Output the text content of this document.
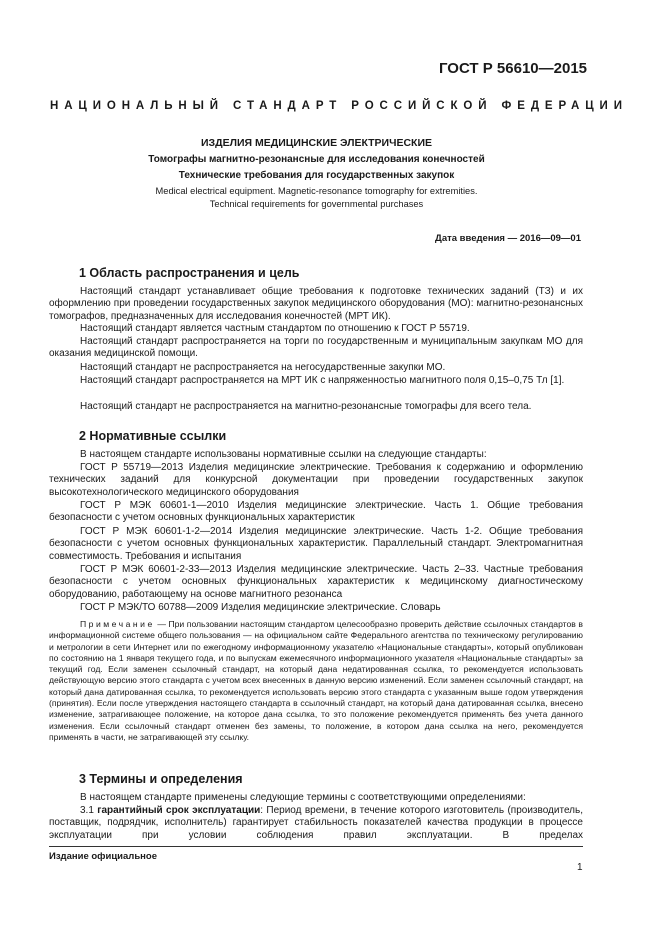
ГОСТ Р 56610—2015
НАЦИОНАЛЬНЫЙ СТАНДАРТ РОССИЙСКОЙ ФЕДЕРАЦИИ
ИЗДЕЛИЯ МЕДИЦИНСКИЕ ЭЛЕКТРИЧЕСКИЕ
Томографы магнитно-резонансные для исследования конечностей
Технические требования для государственных закупок
Medical electrical equipment. Magnetic-resonance tomography for extremities.
Technical requirements for governmental purchases
Дата введения — 2016—09—01
1 Область распространения и цель
Настоящий стандарт устанавливает общие требования к подготовке технических заданий (ТЗ) и их оформлению при проведении государственных закупок медицинского оборудования (МО): магнитно-резонансных томографов, предназначенных для исследования конечностей (МРТ ИК).
Настоящий стандарт является частным стандартом по отношению к ГОСТ Р 55719.
Настоящий стандарт распространяется на торги по государственным и муниципальным закупкам МО для оказания медицинской помощи.
Настоящий стандарт не распространяется на негосударственные закупки МО.
Настоящий стандарт распространяется на МРТ ИК с напряженностью магнитного поля 0,15–0,75 Тл [1].
Настоящий стандарт не распространяется на магнитно-резонансные томографы для всего тела.
2 Нормативные ссылки
В настоящем стандарте использованы нормативные ссылки на следующие стандарты:
ГОСТ Р 55719—2013 Изделия медицинские электрические. Требования к содержанию и оформлению технических заданий для конкурсной документации при проведении государственных закупок высокотехнологического медицинского оборудования
ГОСТ Р МЭК 60601-1—2010 Изделия медицинские электрические. Часть 1. Общие требования безопасности с учетом основных функциональных характеристик
ГОСТ Р МЭК 60601-1-2—2014 Изделия медицинские электрические. Часть 1-2. Общие требования безопасности с учетом основных функциональных характеристик. Параллельный стандарт. Электромагнитная совместимость. Требования и испытания
ГОСТ Р МЭК 60601-2-33—2013 Изделия медицинские электрические. Часть 2–33. Частные требования безопасности с учетом основных функциональных характеристик к медицинскому диагностическому оборудованию, работающему на основе магнитного резонанса
ГОСТ Р МЭК/ТО 60788—2009 Изделия медицинские электрические. Словарь
Примечание — При пользовании настоящим стандартом целесообразно проверить действие ссылочных стандартов в информационной системе общего пользования — на официальном сайте Федерального агентства по техническому регулированию и метрологии в сети Интернет или по ежегодному информационному указателю «Национальные стандарты», который опубликован по состоянию на 1 января текущего года, и по выпускам ежемесячного информационного указателя «Национальные стандарты» за текущий год. Если заменен ссылочный стандарт, на который дана недатированная ссылка, то рекомендуется использовать действующую версию этого стандарта с учетом всех внесенных в данную версию изменений. Если заменен ссылочный стандарт, на который дана датированная ссылка, то рекомендуется использовать версию этого стандарта с указанным выше годом утверждения (принятия). Если после утверждения настоящего стандарта в ссылочный стандарт, на который дана датированная ссылка, внесено изменение, затрагивающее положение, на которое дана ссылка, то это положение рекомендуется применять без учета данного изменения. Если ссылочный стандарт отменен без замены, то положение, в котором дана ссылка на него, рекомендуется применять в части, не затрагивающей эту ссылку.
3 Термины и определения
В настоящем стандарте применены следующие термины с соответствующими определениями:
3.1 гарантийный срок эксплуатации: Период времени, в течение которого изготовитель (производитель, поставщик, подрядчик, исполнитель) гарантирует стабильность показателей качества продукции в процессе эксплуатации при условии соблюдения правил эксплуатации. В пределах
Издание официальное
1
